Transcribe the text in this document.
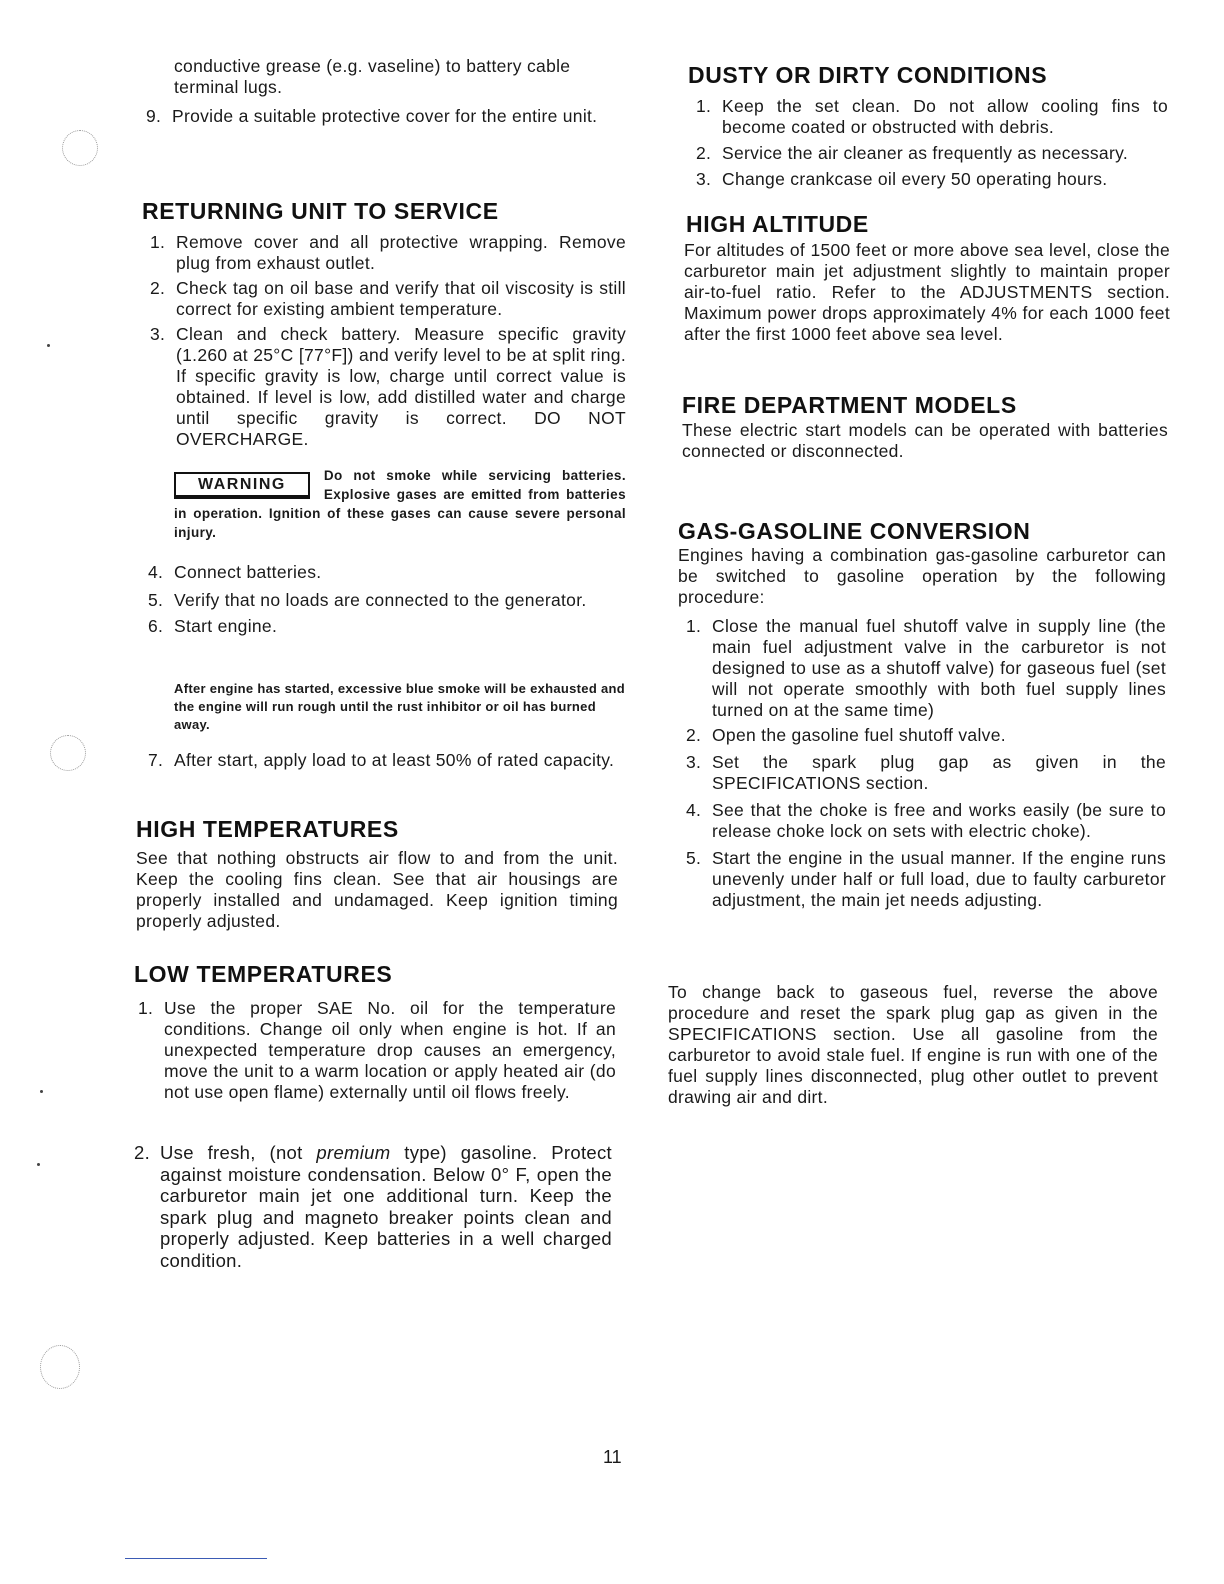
conductive grease (e.g. vaseline) to battery cable terminal lugs.

9. Provide a suitable protective cover for the entire unit.
RETURNING UNIT TO SERVICE
1. Remove cover and all protective wrapping. Remove plug from exhaust outlet.
2. Check tag on oil base and verify that oil viscosity is still correct for existing ambient temperature.
3. Clean and check battery. Measure specific gravity (1.260 at 25°C [77°F]) and verify level to be at split ring. If specific gravity is low, charge until correct value is obtained. If level is low, add distilled water and charge until specific gravity is correct. DO NOT OVERCHARGE.
WARNING
Do not smoke while servicing batteries. Explosive gases are emitted from batteries in operation. Ignition of these gases can cause severe personal injury.
4. Connect batteries.
5. Verify that no loads are connected to the generator.
6. Start engine.
After engine has started, excessive blue smoke will be exhausted and the engine will run rough until the rust inhibitor or oil has burned away.
7. After start, apply load to at least 50% of rated capacity.
HIGH TEMPERATURES

See that nothing obstructs air flow to and from the unit. Keep the cooling fins clean. See that air housings are properly installed and undamaged. Keep ignition timing properly adjusted.

LOW TEMPERATURES
1. Use the proper SAE No. oil for the temperature conditions. Change oil only when engine is hot. If an unexpected temperature drop causes an emergency, move the unit to a warm location or apply heated air (do not use open flame) externally until oil flows freely.
2. Use fresh, (not premium type) gasoline. Protect against moisture condensation. Below 0° F, open the carburetor main jet one additional turn. Keep the spark plug and magneto breaker points clean and properly adjusted. Keep batteries in a well charged condition.
DUSTY OR DIRTY CONDITIONS
1. Keep the set clean. Do not allow cooling fins to become coated or obstructed with debris.
2. Service the air cleaner as frequently as necessary.
3. Change crankcase oil every 50 operating hours.
HIGH ALTITUDE

For altitudes of 1500 feet or more above sea level, close the carburetor main jet adjustment slightly to maintain proper air-to-fuel ratio. Refer to the ADJUSTMENTS section. Maximum power drops approximately 4% for each 1000 feet after the first 1000 feet above sea level.

FIRE DEPARTMENT MODELS

These electric start models can be operated with batteries connected or disconnected.

GAS-GASOLINE CONVERSION

Engines having a combination gas-gasoline carburetor can be switched to gasoline operation by the following procedure:

1. Close the manual fuel shutoff valve in supply line (the main fuel adjustment valve in the carburetor is not designed to use as a shutoff valve) for gaseous fuel (set will not operate smoothly with both fuel supply lines turned on at the same time)
2. Open the gasoline fuel shutoff valve.
3. Set the spark plug gap as given in the SPECIFICATIONS section.
4. See that the choke is free and works easily (be sure to release choke lock on sets with electric choke).
5. Start the engine in the usual manner. If the engine runs unevenly under half or full load, due to faulty carburetor adjustment, the main jet needs adjusting.

To change back to gaseous fuel, reverse the above procedure and reset the spark plug gap as given in the SPECIFICATIONS section. Use all gasoline from the carburetor to avoid stale fuel. If engine is run with one of the fuel supply lines disconnected, plug other outlet to prevent drawing air and dirt.

11
